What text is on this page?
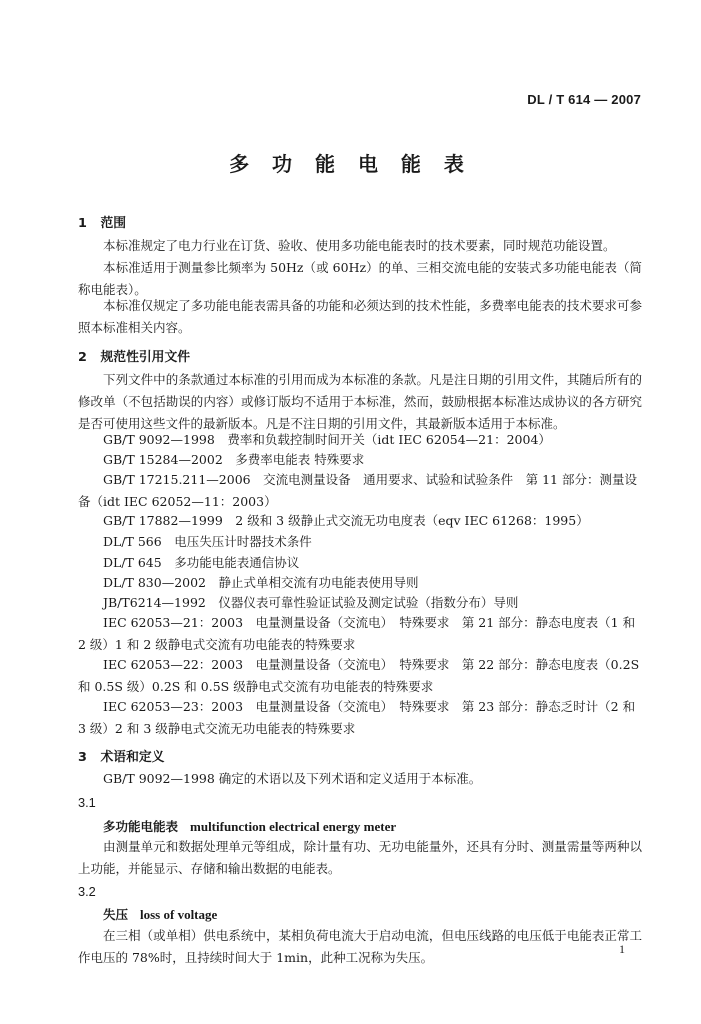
DL / T 614 — 2007
多 功 能 电 能 表
1 范围
本标准规定了电力行业在订货、验收、使用多功能电能表时的技术要素，同时规范功能设置。
本标准适用于测量参比频率为 50Hz（或 60Hz）的单、三相交流电能的安装式多功能电能表（简称电能表）。
本标准仅规定了多功能电能表需具备的功能和必须达到的技术性能，多费率电能表的技术要求可参照本标准相关内容。
2 规范性引用文件
下列文件中的条款通过本标准的引用而成为本标准的条款。凡是注日期的引用文件，其随后所有的修改单（不包括勘误的内容）或修订版均不适用于本标准，然而，鼓励根据本标准达成协议的各方研究是否可使用这些文件的最新版本。凡是不注日期的引用文件，其最新版本适用于本标准。
GB/T 9092—1998　费率和负载控制时间开关（idt IEC 62054—21：2004）
GB/T 15284—2002　多费率电能表 特殊要求
GB/T 17215.211—2006　交流电测量设备　通用要求、试验和试验条件　第 11 部分：测量设备（idt IEC 62052—11：2003）
GB/T 17882—1999　2 级和 3 级静止式交流无功电度表（eqv IEC 61268：1995）
DL/T 566　电压失压计时器技术条件
DL/T 645　多功能电能表通信协议
DL/T 830—2002　静止式单相交流有功电能表使用导则
JB/T6214—1992　仪器仪表可靠性验证试验及测定试验（指数分布）导则
IEC 62053—21：2003　电量测量设备（交流电）　特殊要求　第 21 部分：静态电度表（1 和 2 级）1 和 2 级静电式交流有功电能表的特殊要求
IEC 62053—22：2003　电量测量设备（交流电）　特殊要求　第 22 部分：静态电度表（0.2S 和 0.5S 级）0.2S 和 0.5S 级静电式交流有功电能表的特殊要求
IEC 62053—23：2003　电量测量设备（交流电）　特殊要求　第 23 部分：静态乏时计（2 和 3 级）2 和 3 级静电式交流无功电能表的特殊要求
3 术语和定义
GB/T 9092—1998 确定的术语以及下列术语和定义适用于本标准。
3.1
多功能电能表 multifunction electrical energy meter
由测量单元和数据处理单元等组成，除计量有功、无功电能量外，还具有分时、测量需量等两种以上功能，并能显示、存储和输出数据的电能表。
3.2
失压 loss of voltage
在三相（或单相）供电系统中，某相负荷电流大于启动电流，但电压线路的电压低于电能表正常工作电压的 78%时，且持续时间大于 1min，此种工况称为失压。
1
